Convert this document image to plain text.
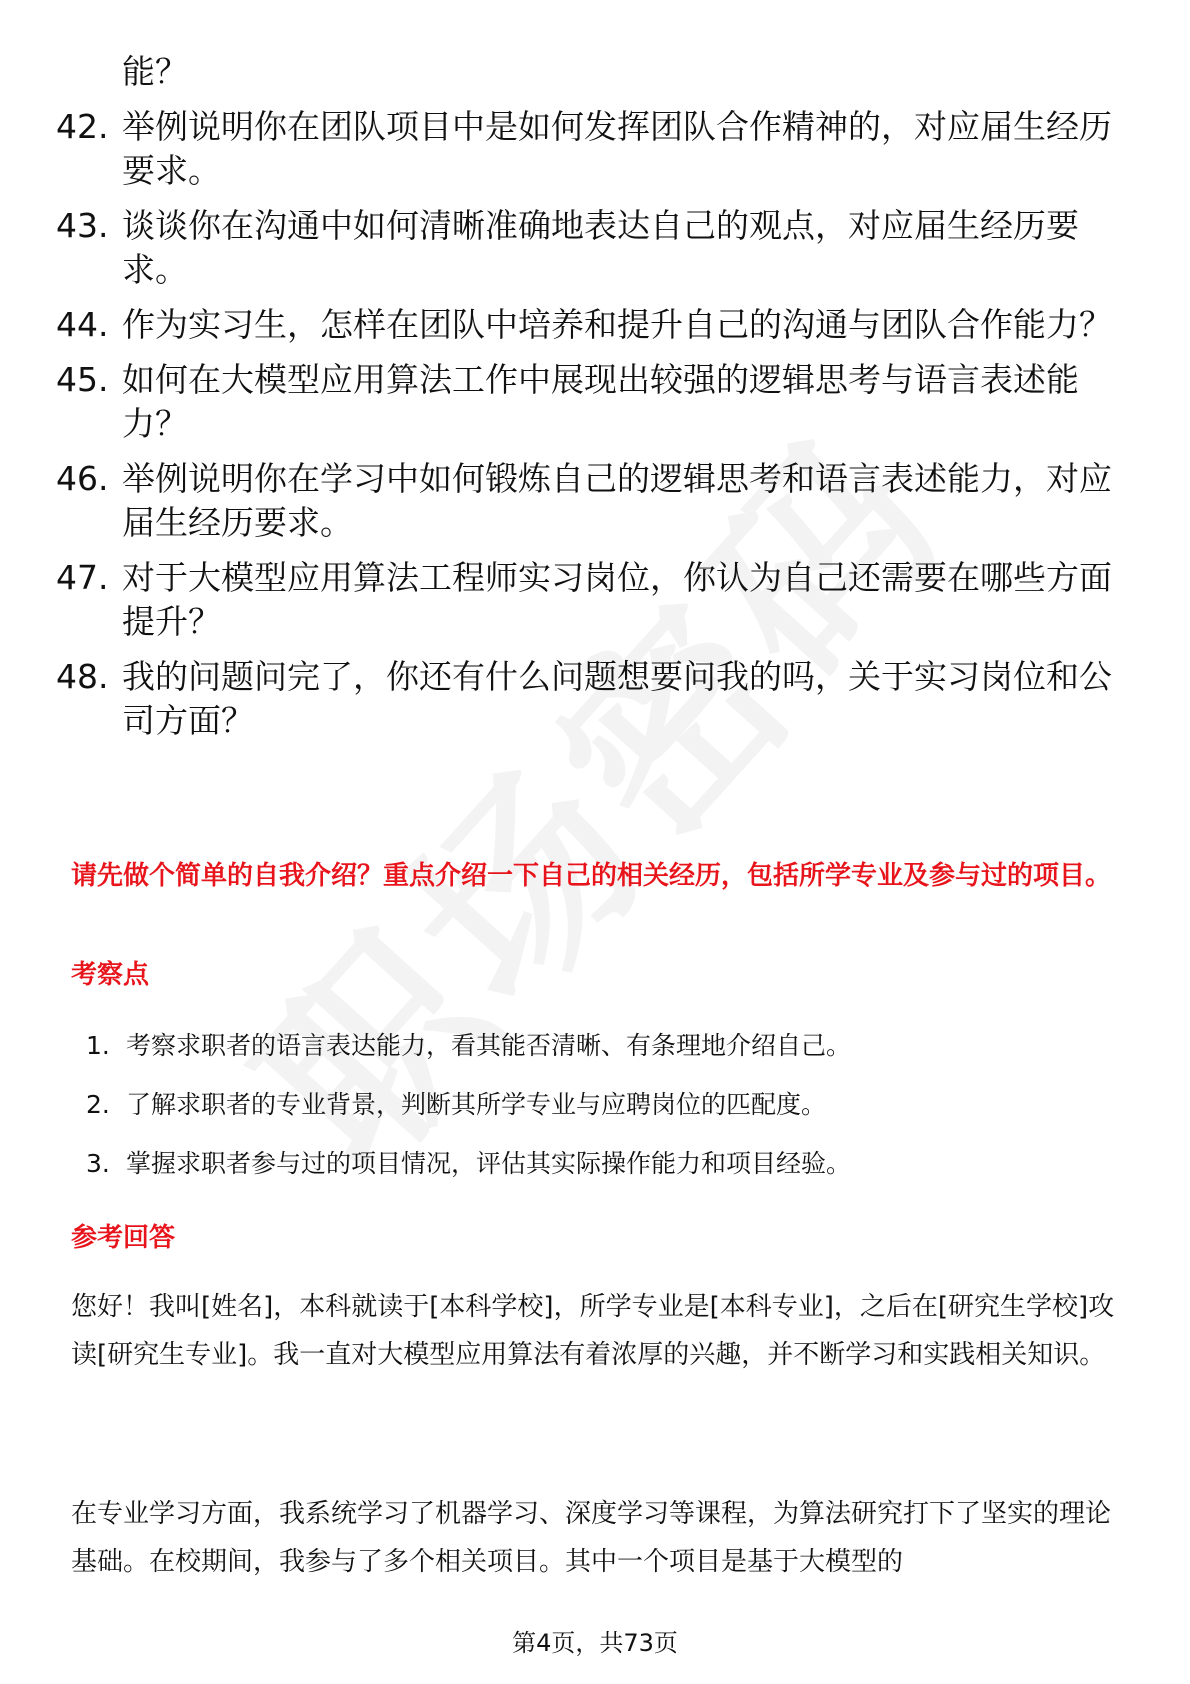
能？
42. 举例说明你在团队项目中是如何发挥团队合作精神的，对应届生经历要求。
43. 谈谈你在沟通中如何清晰准确地表达自己的观点，对应届生经历要求。
44. 作为实习生，怎样在团队中培养和提升自己的沟通与团队合作能力？
45. 如何在大模型应用算法工作中展现出较强的逻辑思考与语言表述能力？
46. 举例说明你在学习中如何锻炼自己的逻辑思考和语言表述能力，对应届生经历要求。
47. 对于大模型应用算法工程师实习岗位，你认为自己还需要在哪些方面提升？
48. 我的问题问完了，你还有什么问题想要问我的吗，关于实习岗位和公司方面？
请先做个简单的自我介绍？重点介绍一下自己的相关经历，包括所学专业及参与过的项目。
考察点
1. 考察求职者的语言表达能力，看其能否清晰、有条理地介绍自己。
2. 了解求职者的专业背景，判断其所学专业与应聘岗位的匹配度。
3. 掌握求职者参与过的项目情况，评估其实际操作能力和项目经验。
参考回答
您好！我叫[姓名]，本科就读于[本科学校]，所学专业是[本科专业]，之后在[研究生学校]攻读[研究生专业]。我一直对大模型应用算法有着浓厚的兴趣，并不断学习和实践相关知识。
在专业学习方面，我系统学习了机器学习、深度学习等课程，为算法研究打下了坚实的理论基础。在校期间，我参与了多个相关项目。其中一个项目是基于大模型的
第4页，共73页
